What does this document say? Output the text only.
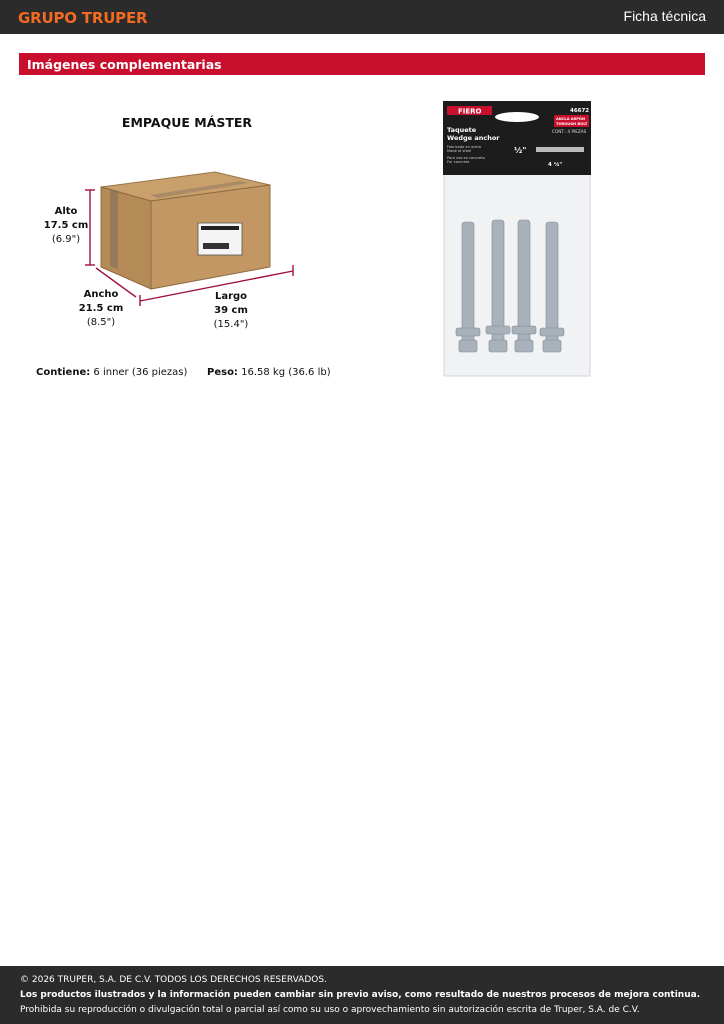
GRUPO TRUPER	Ficha técnica
Imágenes complementarias
EMPAQUE MÁSTER
Alto
17.5 cm
(6.9")
Ancho
21.5 cm
(8.5")
Largo
39 cm
(15.4")
Contiene: 6 inner (36 piezas) Peso: 16.58 kg (36.6 lb)
FIERO	46672
ANCLA ARPÓN
THROUGH BOLT
CONT.: 4 PIEZAS
Taquete
Wedge anchor
Fabricado en acero
Made of steel
Para uso en concreto
For concrete
½"
4 ¼"
© 2026 TRUPER, S.A. DE C.V. TODOS LOS DERECHOS RESERVADOS.
Los productos ilustrados y la información pueden cambiar sin previo aviso, como resultado de nuestros procesos de mejora continua.
Prohibida su reproducción o divulgación total o parcial así como su uso o aprovechamiento sin autorización escrita de Truper, S.A. de C.V.
